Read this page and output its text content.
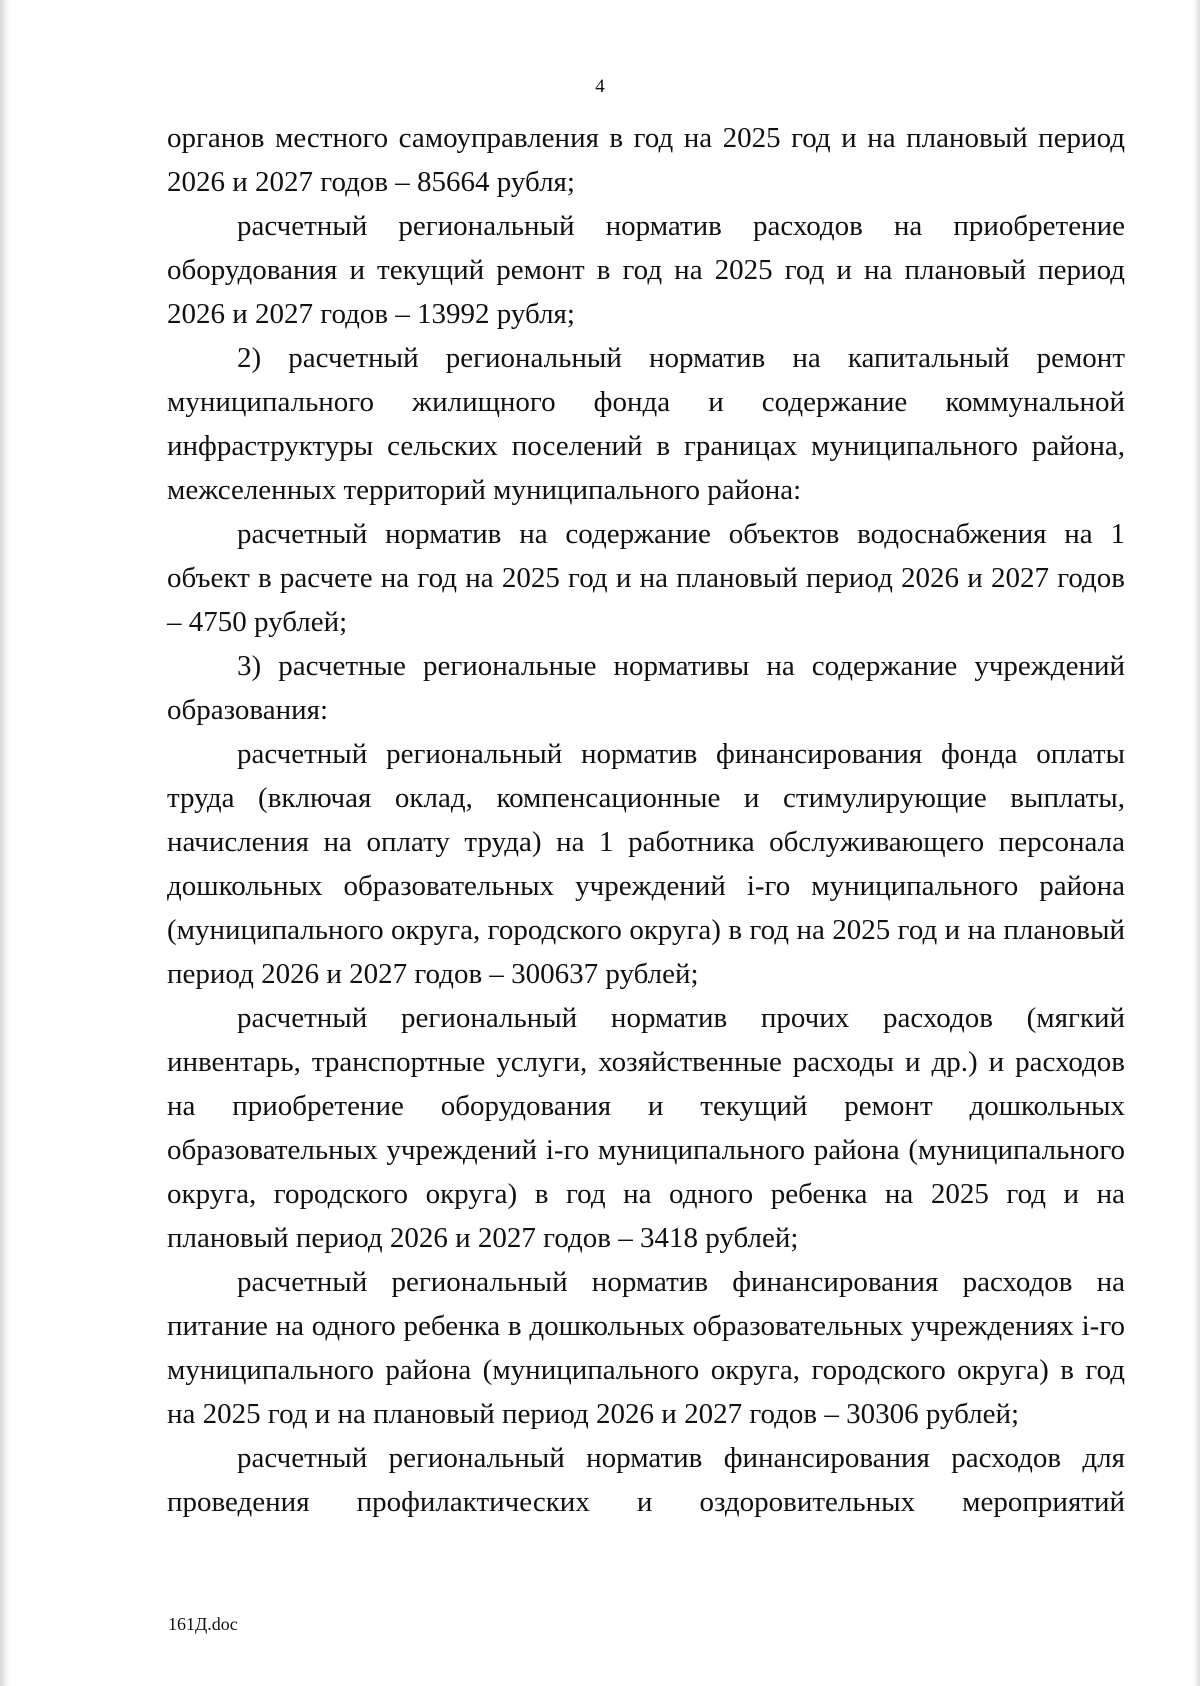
4

органов местного самоуправления в год на 2025 год и на плановый период 2026 и 2027 годов – 85664 рубля;

расчетный региональный норматив расходов на приобретение оборудования и текущий ремонт в год на 2025 год и на плановый период 2026 и 2027 годов – 13992 рубля;

2) расчетный региональный норматив на капитальный ремонт муниципального жилищного фонда и содержание коммунальной инфраструктуры сельских поселений в границах муниципального района, межселенных территорий муниципального района:

расчетный норматив на содержание объектов водоснабжения на 1 объект в расчете на год на 2025 год и на плановый период 2026 и 2027 годов – 4750 рублей;

3) расчетные региональные нормативы на содержание учреждений образования:

расчетный региональный норматив финансирования фонда оплаты труда (включая оклад, компенсационные и стимулирующие выплаты, начисления на оплату труда) на 1 работника обслуживающего персонала дошкольных образовательных учреждений i-го муниципального района (муниципального округа, городского округа) в год на 2025 год и на плановый период 2026 и 2027 годов – 300637 рублей;

расчетный региональный норматив прочих расходов (мягкий инвентарь, транспортные услуги, хозяйственные расходы и др.) и расходов на приобретение оборудования и текущий ремонт дошкольных образовательных учреждений i-го муниципального района (муниципального округа, городского округа) в год на одного ребенка на 2025 год и на плановый период 2026 и 2027 годов – 3418 рублей;

расчетный региональный норматив финансирования расходов на питание на одного ребенка в дошкольных образовательных учреждениях i-го муниципального района (муниципального округа, городского округа) в год на 2025 год и на плановый период 2026 и 2027 годов – 30306 рублей;

расчетный региональный норматив финансирования расходов для проведения профилактических и оздоровительных мероприятий

161Д.doc
